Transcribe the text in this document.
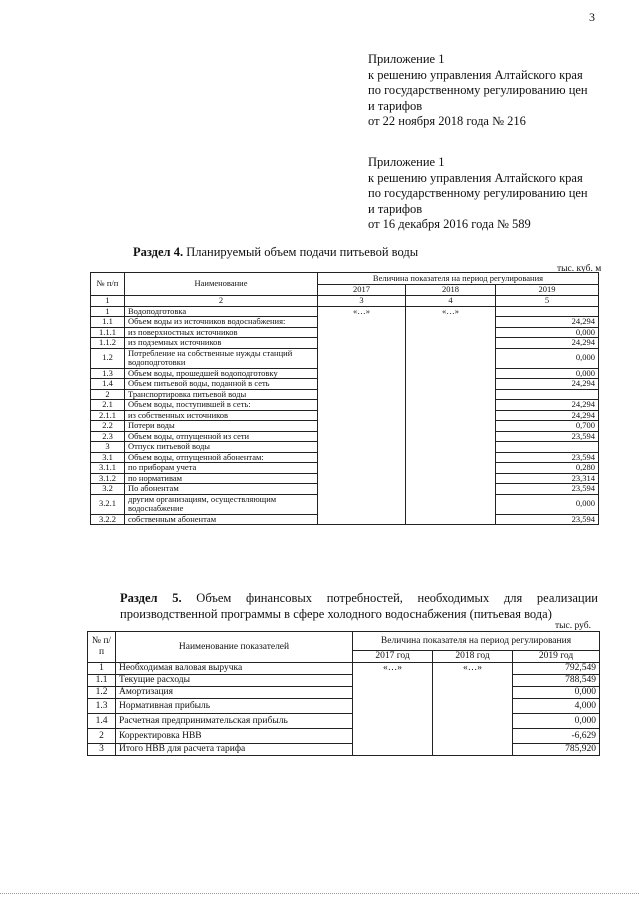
3
Приложение 1
к решению управления Алтайского края
по государственному регулированию цен
и тарифов
от 22 ноября 2018 года № 216
Приложение 1
к решению управления Алтайского края
по государственному регулированию цен
и тарифов
от 16 декабря 2016 года № 589
Раздел 4. Планируемый объем подачи питьевой воды
тыс. куб. м
№ п/п	Наименование	Величина показателя на период регулирования		
		2017	2018	2019
1	2	3	4	5
1	Водоподготовка	«…»	«…»	
1.1	Объем воды из источников водоснабжения:			24,294
1.1.1	из поверхностных источников			0,000
1.1.2	из подземных источников			24,294
1.2	Потребление на собственные нужды станций водоподготовки			0,000
1.3	Объем воды, прошедшей водоподготовку			0,000
1.4	Объем питьевой воды, поданной в сеть			24,294
2	Транспортировка питьевой воды			
2.1	Объем воды, поступившей в сеть:			24,294
2.1.1	из собственных источников			24,294
2.2	Потери воды			0,700
2.3	Объем воды, отпущенной из сети			23,594
3	Отпуск питьевой воды			
3.1	Объем воды, отпущенной абонентам:			23,594
3.1.1	по приборам учета			0,280
3.1.2	по нормативам			23,314
3.2	По абонентам			23,594
3.2.1	другим организациям, осуществляющим водоснабжение			0,000
3.2.2	собственным абонентам			23,594
Раздел 5. Объем финансовых потребностей, необходимых для реализации производственной программы в сфере холодного водоснабжения (питьевая вода)
тыс. руб.
№ п/п	Наименование показателей	Величина показателя на период регулирования		
		2017 год	2018 год	2019 год
1	Необходимая валовая выручка	«…»	«…»	792,549
1.1	Текущие расходы			788,549
1.2	Амортизация			0,000
1.3	Нормативная прибыль			4,000
1.4	Расчетная предпринимательская прибыль			0,000
2	Корректировка НВВ			-6,629
3	Итого НВВ для расчета тарифа			785,920
